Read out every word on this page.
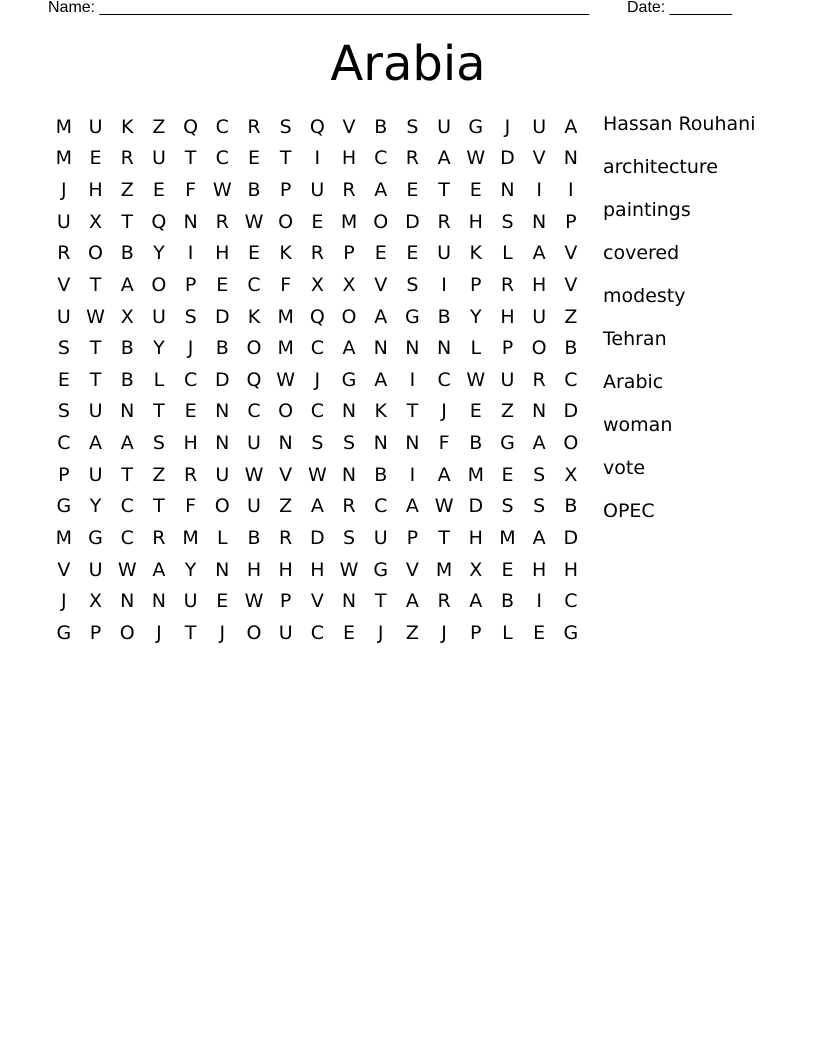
Name: _______________________________________________________ Date: _______
Arabia
M U K Z Q C R	S Q V B	S U G	J	U A
M E	R U T	C	E	T	I	H C R A W D V N
J	H Z	E	F W B	P U R A	E	T	E N	I	I
U X	T Q N R W O E M O D R H S N P
R O B	Y	I	H E	K R	P	E	E U K	L	A V
V	T	A O P	E	C	F	X X V	S	I	P	R H V
U W X U S D K M Q O A G B	Y H U Z
S	T	B	Y	J	B O M C A N N N	L	P O B
E	T	B	L	C D Q W	J	G A	I	C W U R C
S U N T	E N C O C N K	T	J	E	Z N D
C A A	S H N U N S	S N N	F	B G A O
P U T	Z R U W V W N B	I	A M E	S	X
G Y	C	T	F O U Z A R C A W D S	S	B
M G C R M L	B R D S U	P	T H M A D
V U W A	Y N H H H W G V M X	E H H
J	X N N U E W P	V N T	A R A B	I	C
G P O	J	T	J	O U C	E	J	Z	J	P	L	E G
Hassan Rouhani
architecture
paintings
covered
modesty
Tehran
Arabic
woman
vote
OPEC
